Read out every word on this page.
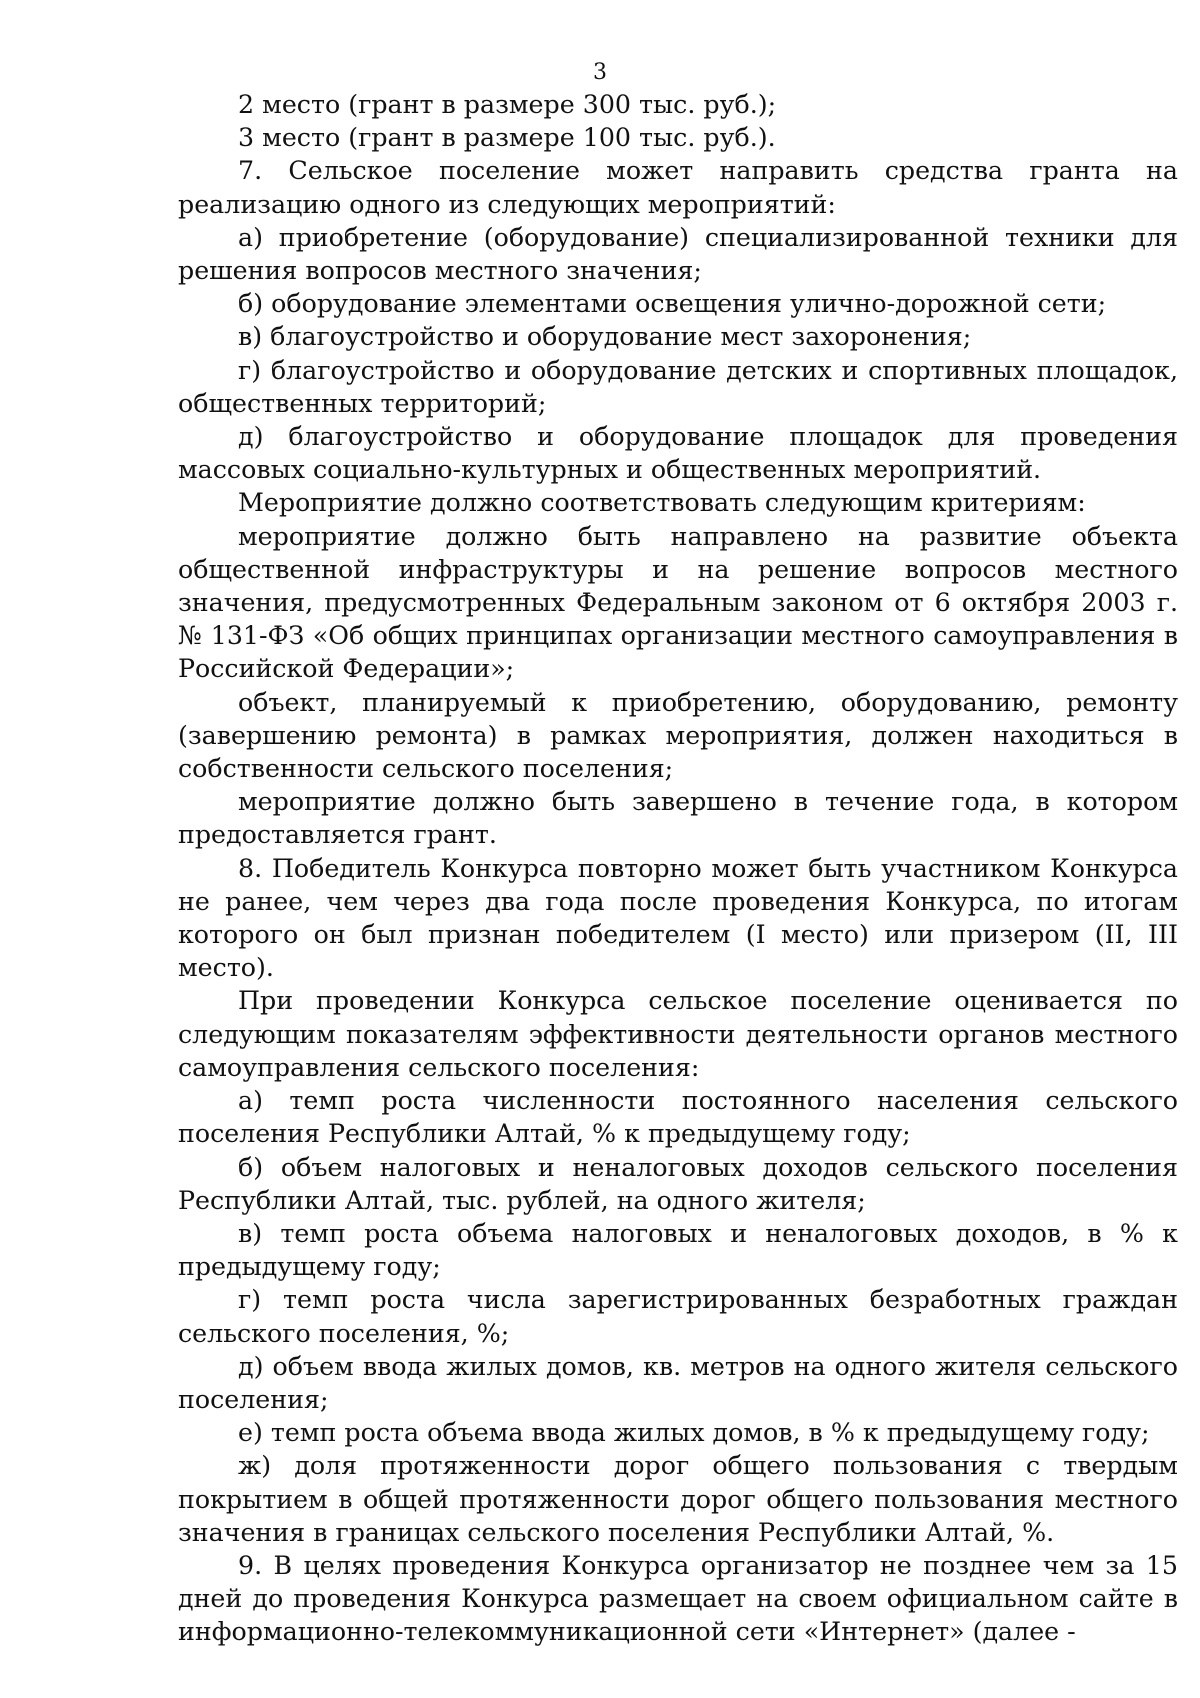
3

2 место (грант в размере 300 тыс. руб.);

3 место (грант в размере 100 тыс. руб.).

7. Сельское поселение может направить средства гранта на реализацию одного из следующих мероприятий:

а) приобретение (оборудование) специализированной техники для решения вопросов местного значения;

б) оборудование элементами освещения улично-дорожной сети;

в) благоустройство и оборудование мест захоронения;

г) благоустройство и оборудование детских и спортивных площадок, общественных территорий;

д) благоустройство и оборудование площадок для проведения массовых социально-культурных и общественных мероприятий.

Мероприятие должно соответствовать следующим критериям:

мероприятие должно быть направлено на развитие объекта общественной инфраструктуры и на решение вопросов местного значения, предусмотренных Федеральным законом от 6 октября 2003 г. № 131-ФЗ «Об общих принципах организации местного самоуправления в Российской Федерации»;

объект, планируемый к приобретению, оборудованию, ремонту (завершению ремонта) в рамках мероприятия, должен находиться в собственности сельского поселения;

мероприятие должно быть завершено в течение года, в котором предоставляется грант.

8. Победитель Конкурса повторно может быть участником Конкурса не ранее, чем через два года после проведения Конкурса, по итогам которого он был признан победителем (I место) или призером (II, III место).

При проведении Конкурса сельское поселение оценивается по следующим показателям эффективности деятельности органов местного самоуправления сельского поселения:

а) темп роста численности постоянного населения сельского поселения Республики Алтай, % к предыдущему году;

б) объем налоговых и неналоговых доходов сельского поселения Республики Алтай, тыс. рублей, на одного жителя;

в) темп роста объема налоговых и неналоговых доходов, в % к предыдущему году;

г) темп роста числа зарегистрированных безработных граждан сельского поселения, %;

д) объем ввода жилых домов, кв. метров на одного жителя сельского поселения;

е) темп роста объема ввода жилых домов, в % к предыдущему году;

ж) доля протяженности дорог общего пользования с твердым покрытием в общей протяженности дорог общего пользования местного значения в границах сельского поселения Республики Алтай, %.

9. В целях проведения Конкурса организатор не позднее чем за 15 дней до проведения Конкурса размещает на своем официальном сайте в информационно-телекоммуникационной сети «Интернет» (далее -
